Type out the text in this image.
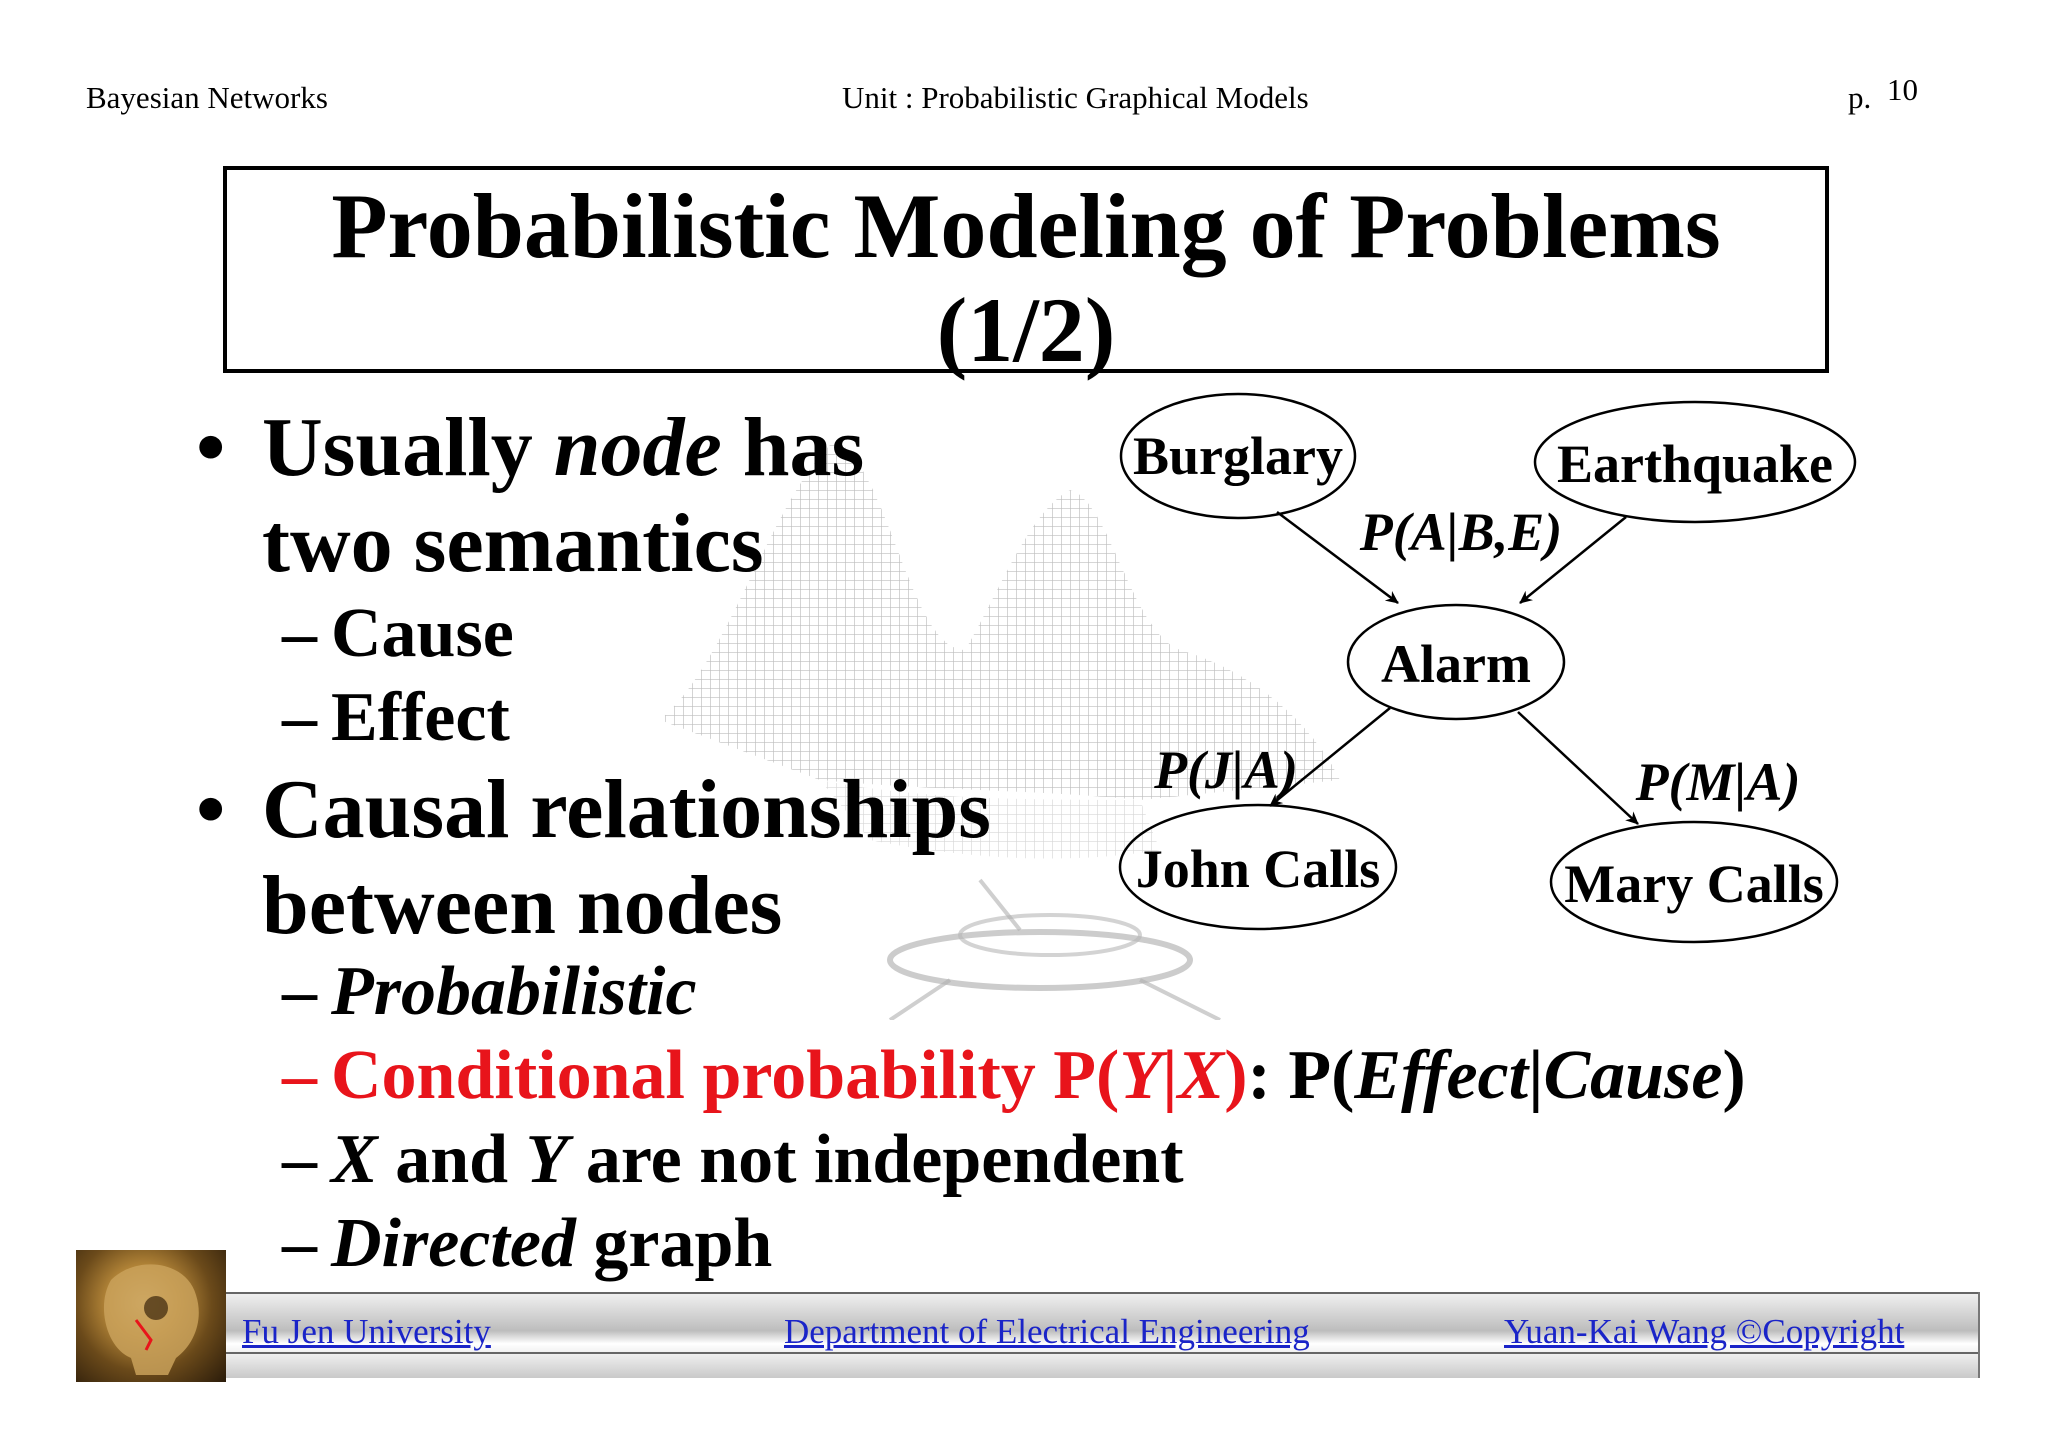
Bayesian Networks	Unit : Probabilistic Graphical Models	p. 10
Probabilistic Modeling of Problems
(1/2)
Usually node has
two semantics
•
– Cause
– Effect
• Causal relationships
between nodes
– Probabilistic
– Conditional probability P(Y|X): P(Effect|Cause)
– X and Y are not independent
– Directed graph
Burglary	Earthquake
Alarm
John Calls	Mary Calls
P(A|B,E)
P(J|A)	P(M|A)
Fu Jen University	Department of Electrical Engineering	Yuan-Kai Wang ©Copyright
